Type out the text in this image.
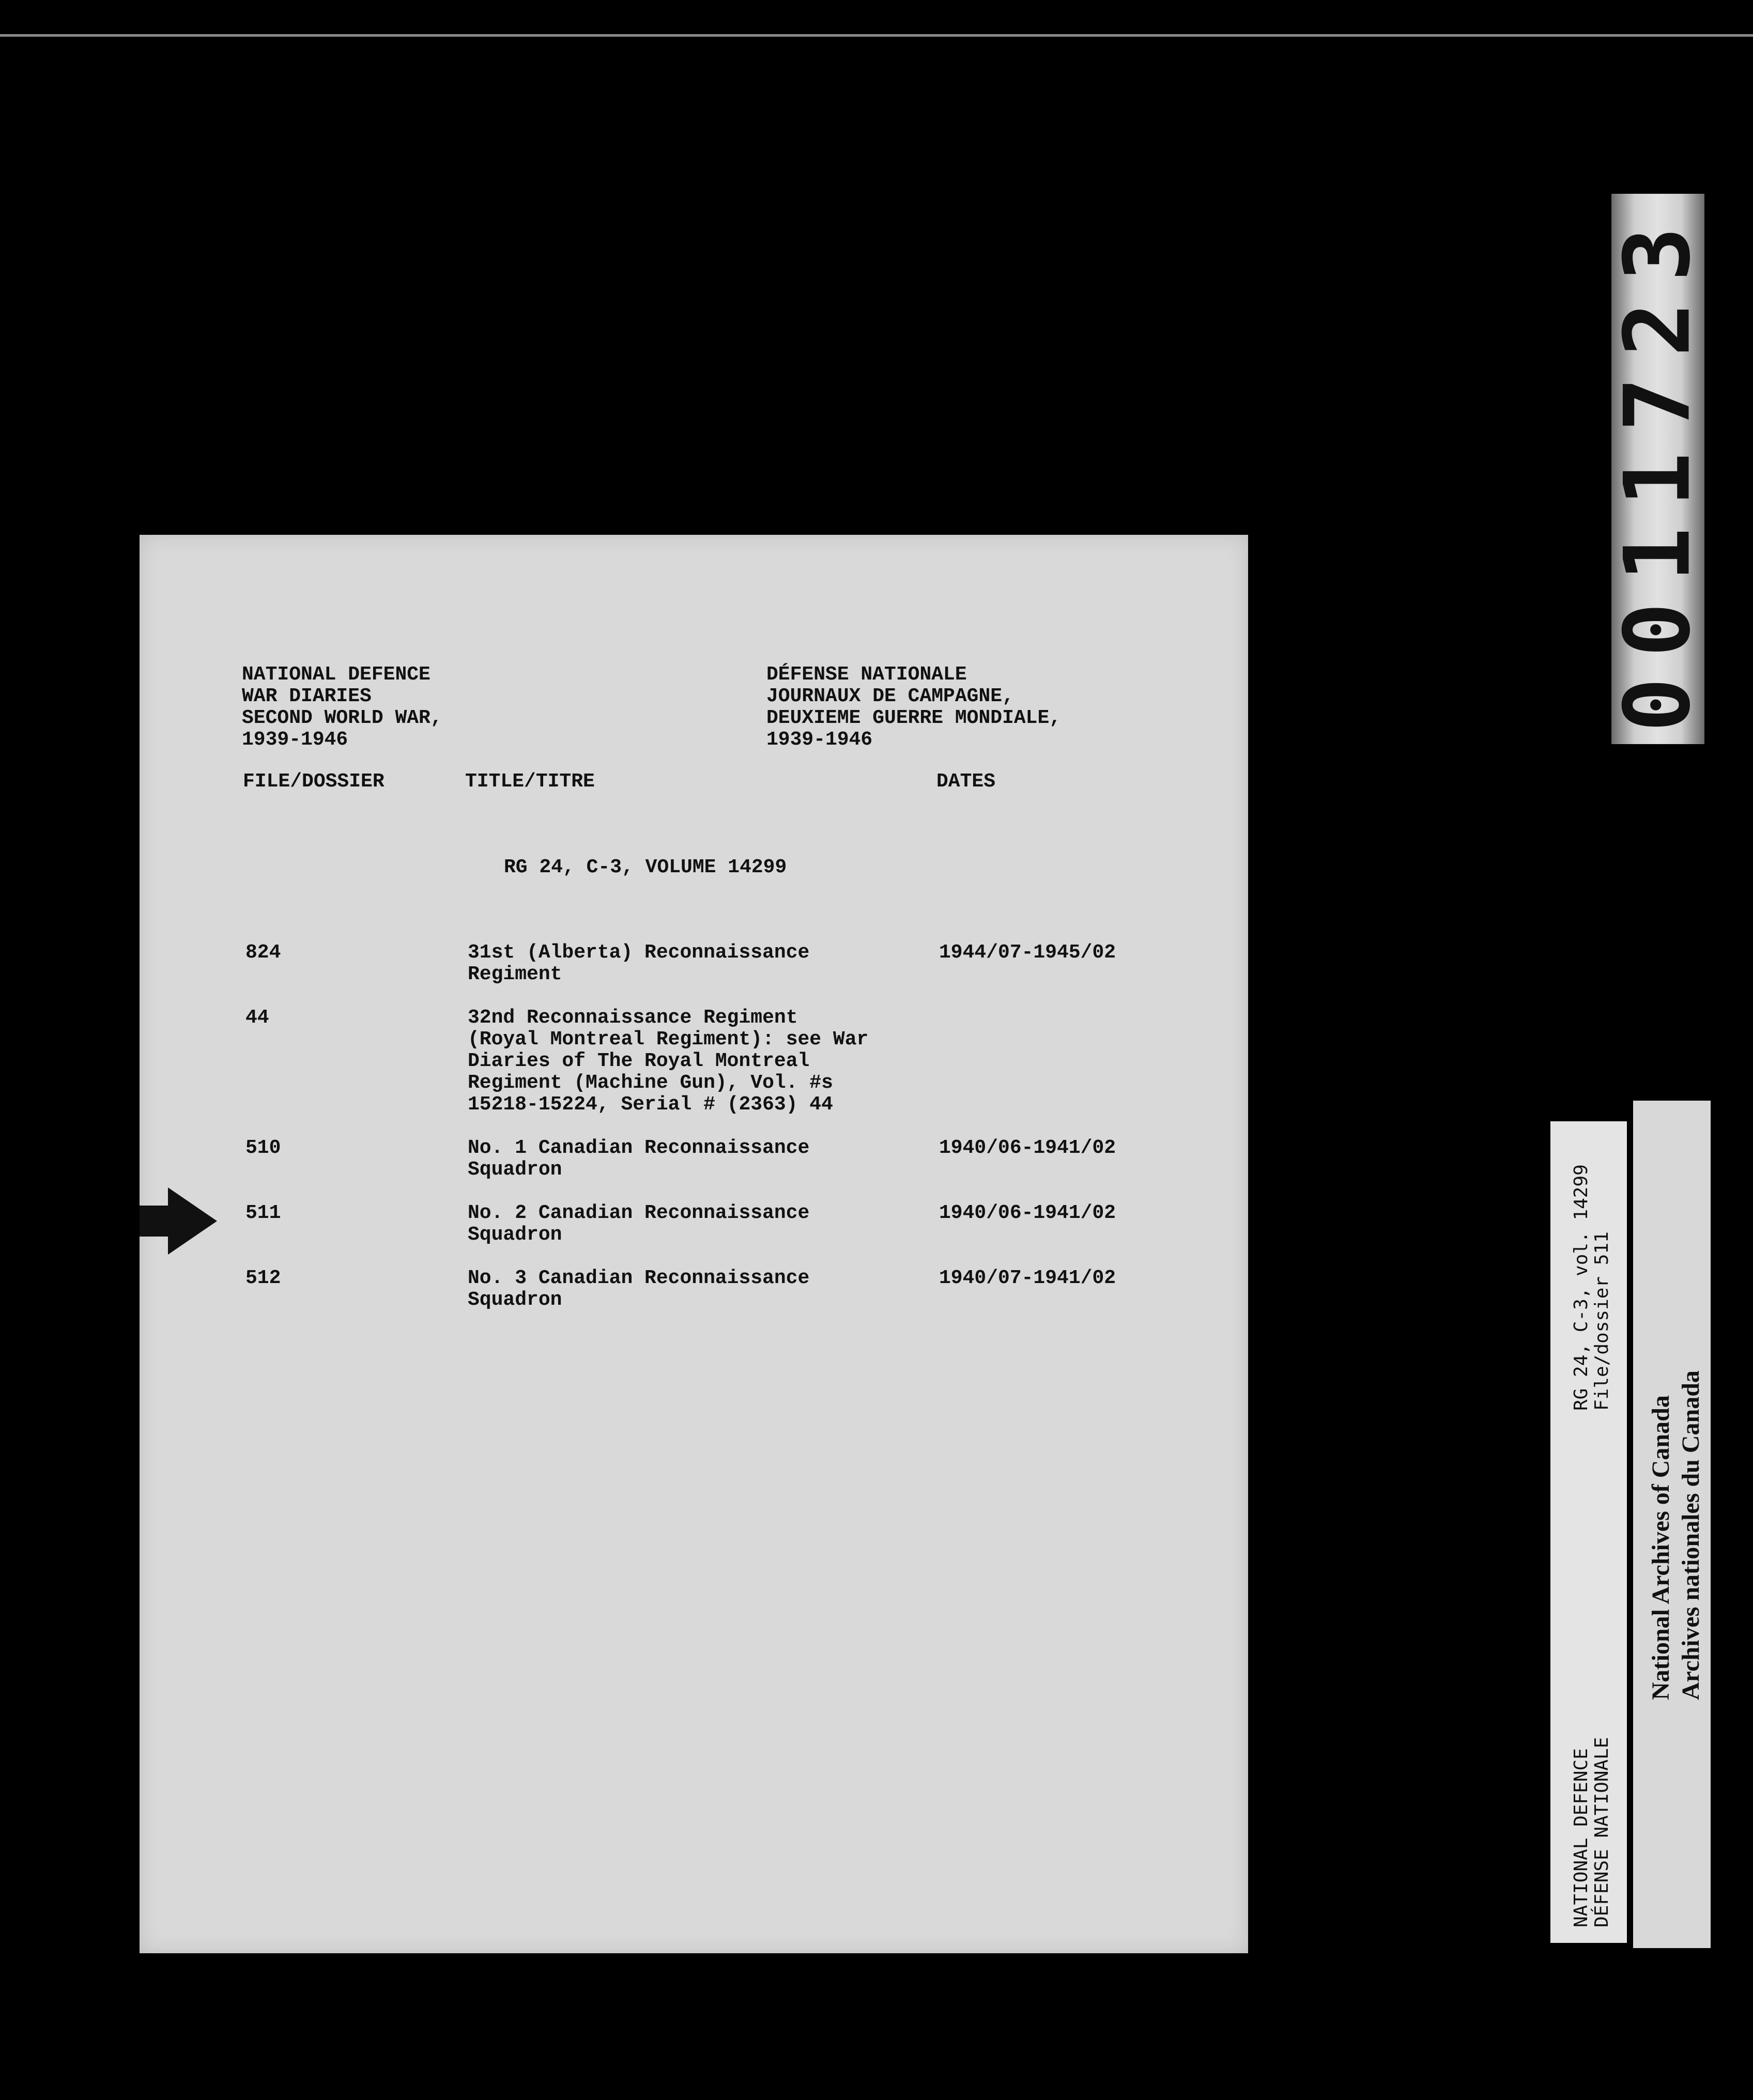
NATIONAL DEFENCE
WAR DIARIES
SECOND WORLD WAR,
1939-1946
DÉFENSE NATIONALE
JOURNAUX DE CAMPAGNE,
DEUXIEME GUERRE MONDIALE,
1939-1946
FILE/DOSSIER	TITLE/TITRE	DATES
RG 24, C-3, VOLUME 14299
824	31st (Alberta) Reconnaissance
Regiment
1944/07-1945/02
44	32nd Reconnaissance Regiment
(Royal Montreal Regiment): see War
Diaries of The Royal Montreal
Regiment (Machine Gun), Vol. #s
15218-15224, Serial # (2363) 44
510	No. 1 Canadian Reconnaissance
Squadron
1940/06-1941/02
511	No. 2 Canadian Reconnaissance
Squadron
1940/06-1941/02
512	No. 3 Canadian Reconnaissance
Squadron
1940/07-1941/02
0011723
NATIONAL DEFENCE
DÉFENSE NATIONALE
RG 24, C-3, vol. 14299
File/dossier 511
National Archives of Canada
Archives nationales du Canada
